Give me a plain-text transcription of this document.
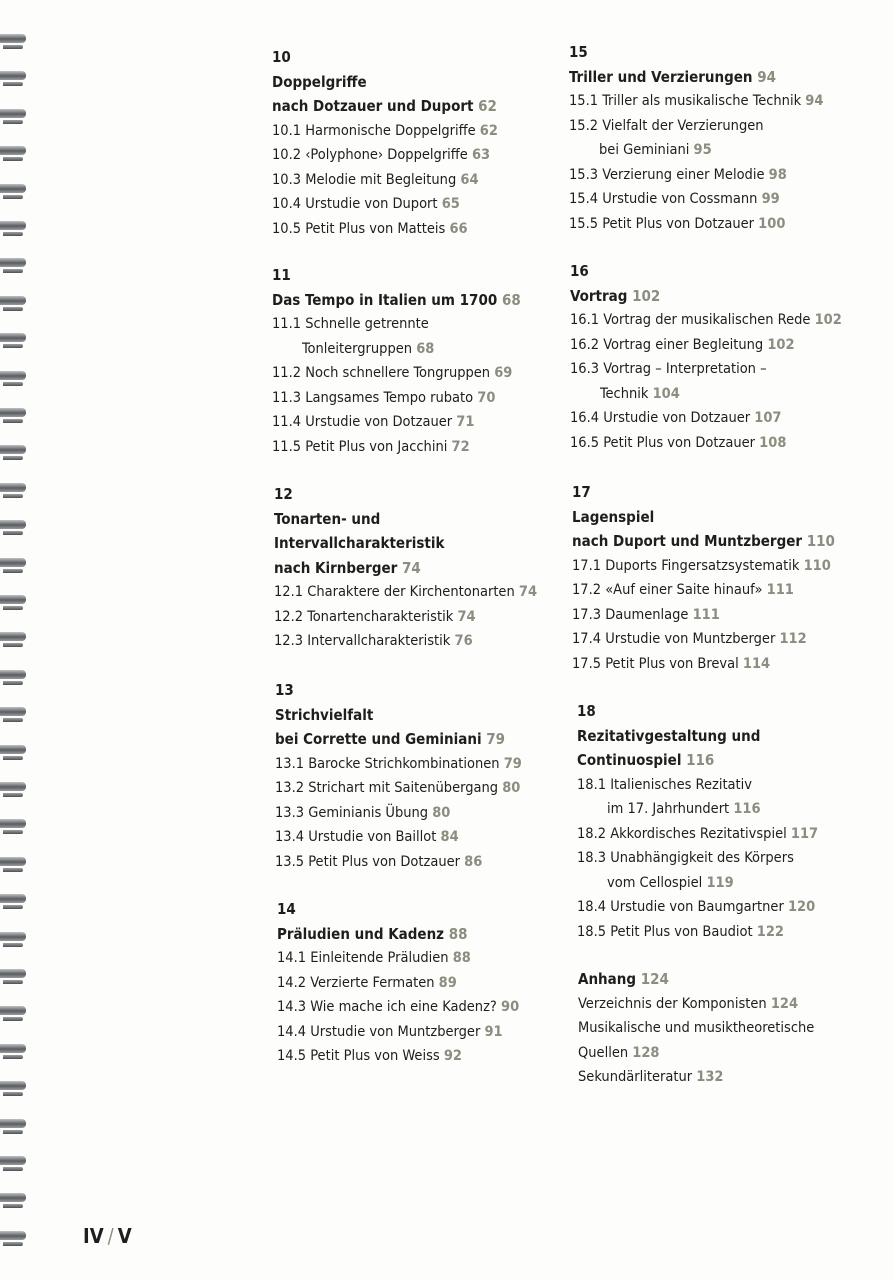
10
Doppelgriffe
nach Dotzauer und Duport 62
10.1 Harmonische Doppelgriffe 62
10.2 ‹Polyphone› Doppelgriffe 63
10.3 Melodie mit Begleitung 64
10.4 Urstudie von Duport 65
10.5 Petit Plus von Matteis 66
11
Das Tempo in Italien um 1700 68
11.1 Schnelle getrennte
Tonleitergruppen 68
11.2 Noch schnellere Tongruppen 69
11.3 Langsames Tempo rubato 70
11.4 Urstudie von Dotzauer 71
11.5 Petit Plus von Jacchini 72
12
Tonarten- und
Intervallcharakteristik
nach Kirnberger 74
12.1 Charaktere der Kirchentonarten 74
12.2 Tonartencharakteristik 74
12.3 Intervallcharakteristik 76
13
Strichvielfalt
bei Corrette und Geminiani 79
13.1 Barocke Strichkombinationen 79
13.2 Strichart mit Saitenübergang 80
13.3 Geminianis Übung 80
13.4 Urstudie von Baillot 84
13.5 Petit Plus von Dotzauer 86
14
Präludien und Kadenz 88
14.1 Einleitende Präludien 88
14.2 Verzierte Fermaten 89
14.3 Wie mache ich eine Kadenz? 90
14.4 Urstudie von Muntzberger 91
14.5 Petit Plus von Weiss 92
15
Triller und Verzierungen 94
15.1 Triller als musikalische Technik 94
15.2 Vielfalt der Verzierungen
bei Geminiani 95
15.3 Verzierung einer Melodie 98
15.4 Urstudie von Cossmann 99
15.5 Petit Plus von Dotzauer 100
16
Vortrag 102
16.1 Vortrag der musikalischen Rede 102
16.2 Vortrag einer Begleitung 102
16.3 Vortrag – Interpretation –
Technik 104
16.4 Urstudie von Dotzauer 107
16.5 Petit Plus von Dotzauer 108
17
Lagenspiel
nach Duport und Muntzberger 110
17.1 Duports Fingersatzsystematik 110
17.2 «Auf einer Saite hinauf» 111
17.3 Daumenlage 111
17.4 Urstudie von Muntzberger 112
17.5 Petit Plus von Breval 114
18
Rezitativgestaltung und
Continuospiel 116
18.1 Italienisches Rezitativ
im 17. Jahrhundert 116
18.2 Akkordisches Rezitativspiel 117
18.3 Unabhängigkeit des Körpers
vom Cellospiel 119
18.4 Urstudie von Baumgartner 120
18.5 Petit Plus von Baudiot 122
Anhang 124
Verzeichnis der Komponisten 124
Musikalische und musiktheoretische
Quellen 128
Sekundärliteratur 132
IV / V
